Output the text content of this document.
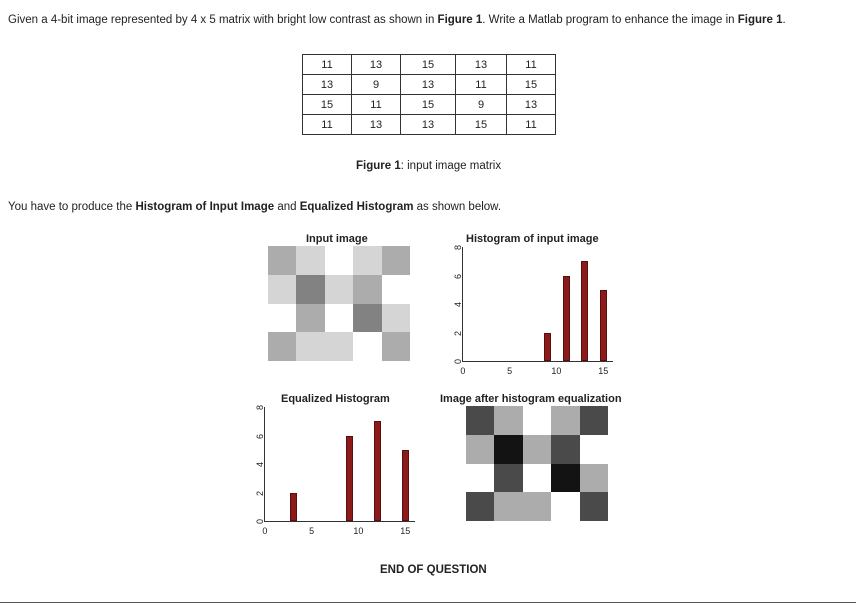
Given a 4-bit image represented by 4 x 5 matrix with bright low contrast as shown in Figure 1. Write a Matlab program to enhance the image in Figure 1.
11	13	15	13	11
13	9	13	11	15
15	11	15	9	13
11	13	13	15	11
Figure 1: input image matrix
You have to produce the Histogram of Input Image and Equalized Histogram as shown below.
Input image	Histogram of input image
0	5	10	15
0
2
4
6
8
Equalized Histogram
0	5	10	15
0
2
4
6
8
Image after histogram equalization
END OF QUESTION
